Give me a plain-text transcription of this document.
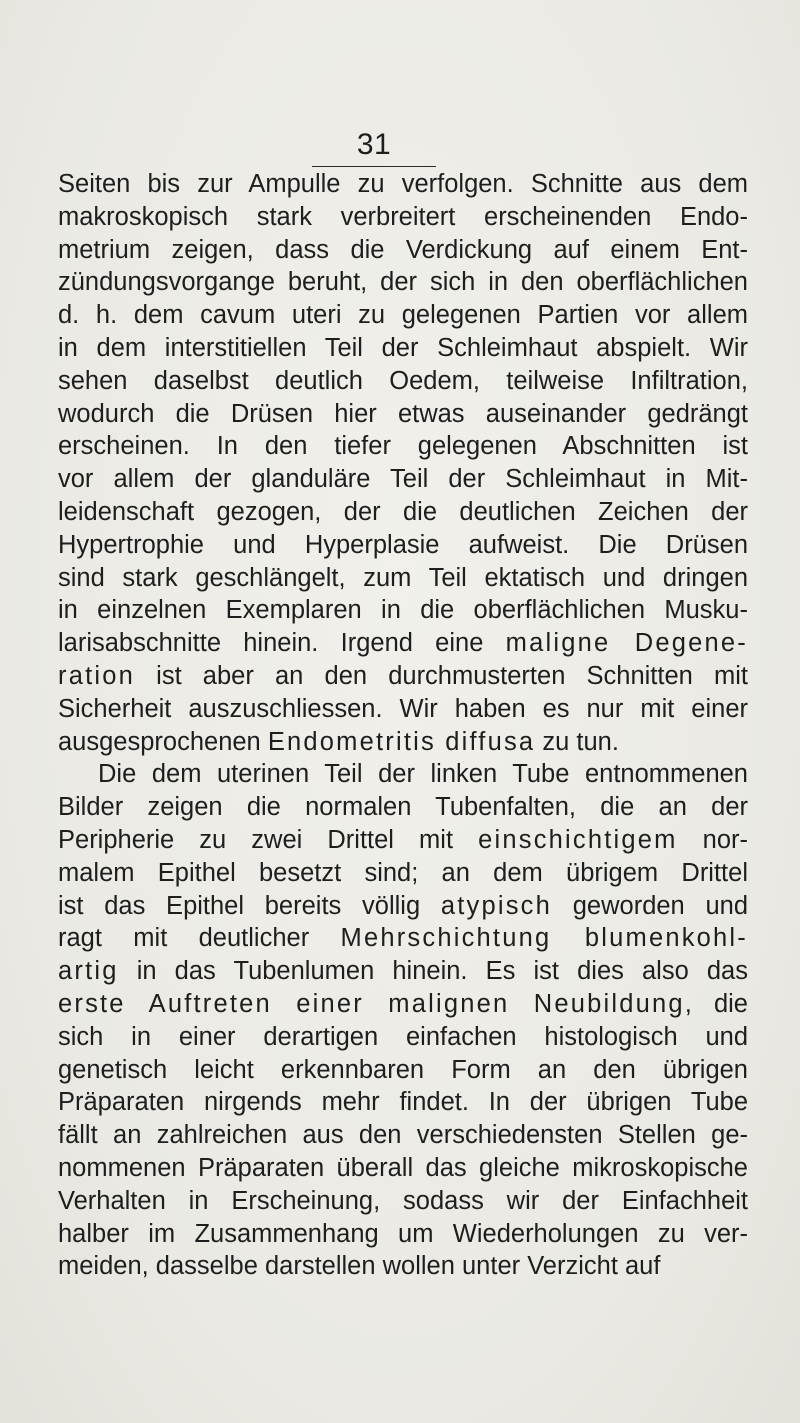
31
Seiten bis zur Ampulle zu verfolgen. Schnitte aus dem
makroskopisch stark verbreitert erscheinenden Endo-
metrium zeigen, dass die Verdickung auf einem Ent-
zündungsvorgange beruht, der sich in den oberflächlichen
d. h. dem cavum uteri zu gelegenen Partien vor allem
in dem interstitiellen Teil der Schleimhaut abspielt. Wir
sehen daselbst deutlich Oedem, teilweise Infiltration,
wodurch die Drüsen hier etwas auseinander gedrängt
erscheinen. In den tiefer gelegenen Abschnitten ist
vor allem der glanduläre Teil der Schleimhaut in Mit-
leidenschaft gezogen, der die deutlichen Zeichen der
Hypertrophie und Hyperplasie aufweist. Die Drüsen
sind stark geschlängelt, zum Teil ektatisch und dringen
in einzelnen Exemplaren in die oberflächlichen Musku-
larisabschnitte hinein. Irgend eine maligne Degene-
ration ist aber an den durchmusterten Schnitten mit
Sicherheit auszuschliessen. Wir haben es nur mit einer
ausgesprochenen Endometritis diffusa zu tun.
Die dem uterinen Teil der linken Tube entnommenen
Bilder zeigen die normalen Tubenfalten, die an der
Peripherie zu zwei Drittel mit einschichtigem nor-
malem Epithel besetzt sind; an dem übrigem Drittel
ist das Epithel bereits völlig atypisch geworden und
ragt mit deutlicher Mehrschichtung blumenkohl-
artig in das Tubenlumen hinein. Es ist dies also das
erste Auftreten einer malignen Neubildung, die
sich in einer derartigen einfachen histologisch und
genetisch leicht erkennbaren Form an den übrigen
Präparaten nirgends mehr findet. In der übrigen Tube
fällt an zahlreichen aus den verschiedensten Stellen ge-
nommenen Präparaten überall das gleiche mikroskopische
Verhalten in Erscheinung, sodass wir der Einfachheit
halber im Zusammenhang um Wiederholungen zu ver-
meiden, dasselbe darstellen wollen unter Verzicht auf
